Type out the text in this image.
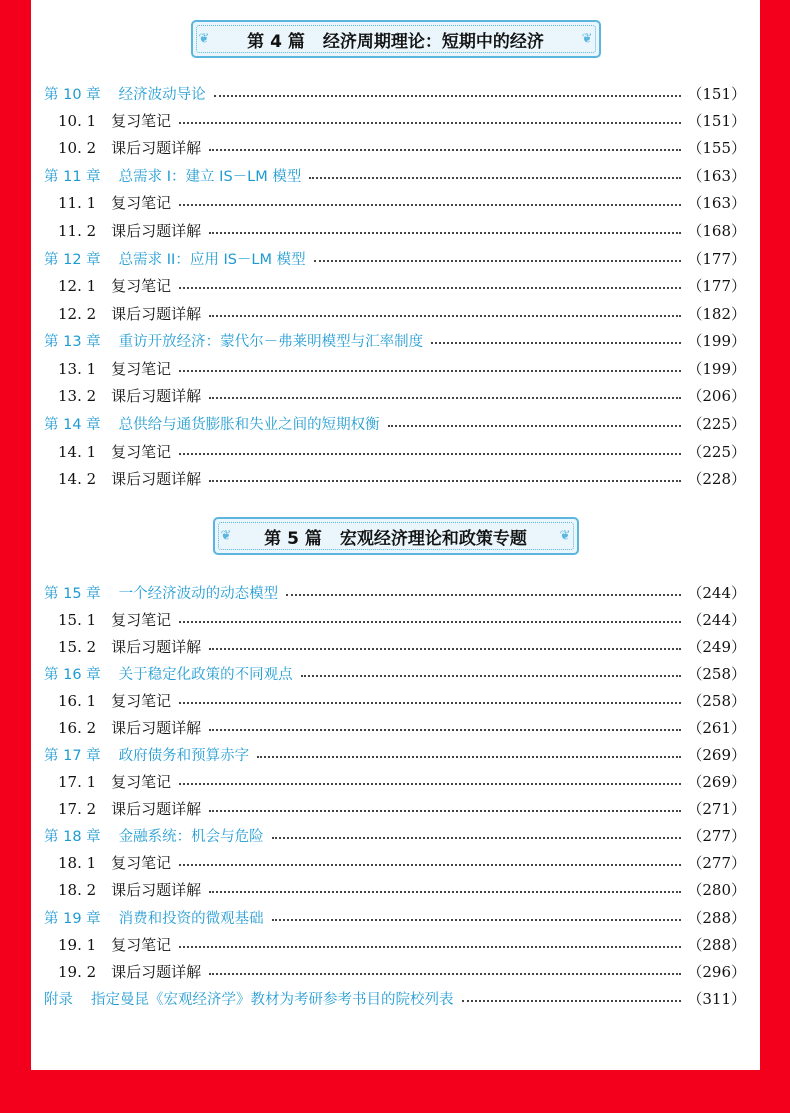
❦ 第 4 篇 经济周期理论：短期中的经济	❦
第 10 章	经济波动导论	（151）
10. 1	复习笔记	（151）
10. 2	课后习题详解	（155）
第 11 章	总需求 I：建立 IS－LM 模型	（163）
11. 1	复习笔记	（163）
11. 2	课后习题详解	（168）
第 12 章	总需求 II：应用 IS－LM 模型	（177）
12. 1	复习笔记	（177）
12. 2	课后习题详解	（182）
第 13 章	重访开放经济：蒙代尔－弗莱明模型与汇率制度	（199）
13. 1	复习笔记	（199）
13. 2	课后习题详解	（206）
第 14 章	总供给与通货膨胀和失业之间的短期权衡	（225）
14. 1	复习笔记	（225）
14. 2	课后习题详解	（228）
❦ 第 5 篇 宏观经济理论和政策专题	❦
第 15 章	一个经济波动的动态模型	（244）
15. 1	复习笔记	（244）
15. 2	课后习题详解	（249）
第 16 章	关于稳定化政策的不同观点	（258）
16. 1	复习笔记	（258）
16. 2	课后习题详解	（261）
第 17 章	政府债务和预算赤字	（269）
17. 1	复习笔记	（269）
17. 2	课后习题详解	（271）
第 18 章	金融系统：机会与危险	（277）
18. 1	复习笔记	（277）
18. 2	课后习题详解	（280）
第 19 章	消费和投资的微观基础	（288）
19. 1	复习笔记	（288）
19. 2	课后习题详解	（296）
附录	指定曼昆《宏观经济学》教材为考研参考书目的院校列表	（311）
